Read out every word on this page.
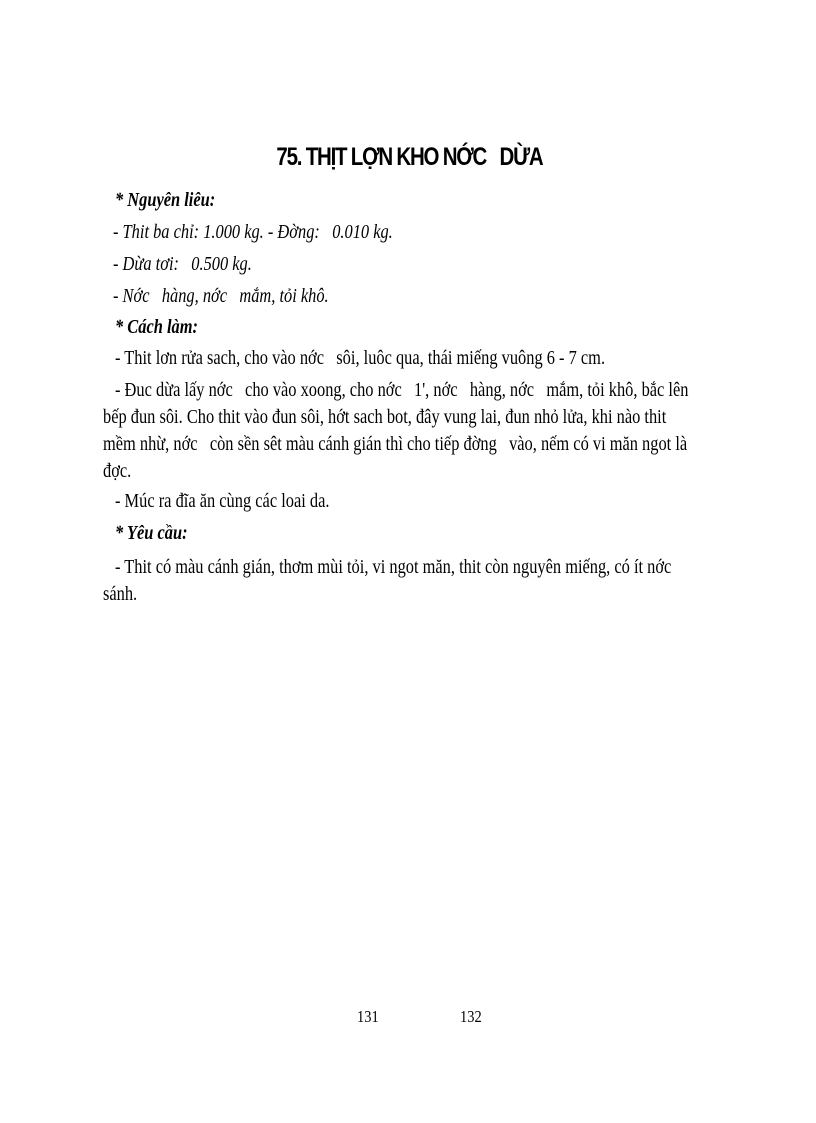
75. THỊT LỢN KHO NỚC   DỪA
* Nguyên liêu:
- Thit ba chỉ: 1.000 kg. - Đờng:   0.010 kg.
- Dừa tơi:   0.500 kg.
- Nớc   hàng, nớc   mắm, tỏi khô.
* Cách làm:
- Thit lơn rửa sach, cho vào nớc   sôi, luôc qua, thái miếng vuông 6 - 7 cm.
- Đuc dừa lấy nớc   cho vào xoong, cho nớc   1', nớc   hàng, nớc   mắm, tỏi khô, bắc lên
bếp đun sôi. Cho thit vào đun sôi, hớt sach bot, đây vung lai, đun nhỏ lửa, khi nào thit
mềm nhừ, nớc   còn sền sêt màu cánh gián thì cho tiếp đờng   vào, nếm có vi măn ngot là
đợc.
- Múc ra đĩa ăn cùng các loai da.
* Yêu cầu:
- Thit có màu cánh gián, thơm mùi tỏi, vi ngot măn, thit còn nguyên miếng, có ít nớc
sánh.
131	132
